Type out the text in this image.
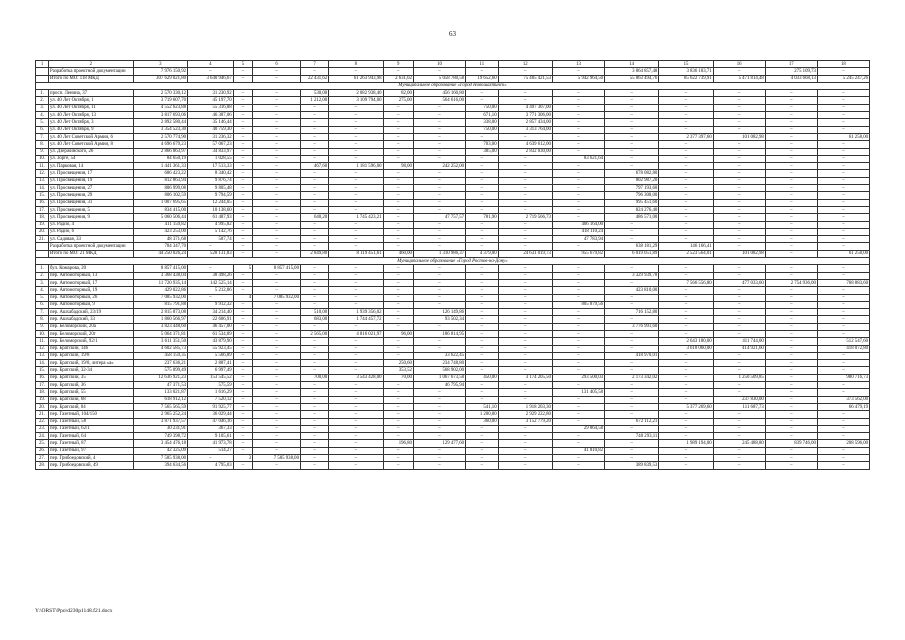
63
1	2	3	4	5	6	7	8	9	10	11	12	13	14	15	16	17	18
	Разработка проектной документации	7 976 150,92	–	–	–	–	–	–	–	–	–	–	3 864 857,48	3 836 183,71	–	275 109,73	–
	Итого по МО: 118 МКД	307 629 021,80	3 640 946,67	–	–	22 431,62	61 263 943,98	2 631,02	5 058 780,58	19 652,60	75 485 421,53	5 942 964,50	55 863 494,76	85 622 739,91	5 471 814,48	4 033 668,13	5 245 247,26
Муниципальное образование «Город Новошахтинск»																	
1.	просп. Ленина, 37	2 570 330,12	31 230,92	–	–	530,00	2 082 938,40	82,00	456 160,80	–	–	–	–	–	–	–	–
2.	ул. 40 Лет Октября, 1	3 719 607,70	45 197,70	–	–	1 212,00	3 109 794,00	275,00	564 616,00	–	–	–	–	–	–	–	–
3.	ул. 40 Лет Октября, 11	4 552 623,88	55 316,88	–	–	–	–	–	–	750,00	4 497 307,00	–	–	–	–	–	–
4.	ул. 40 Лет Октября, 13	3 817 693,06	46 387,06	–	–	–	–	–	–	671,10	3 771 306,00	–	–	–	–	–	–
5.	ул. 40 Лет Октября, 3	2 892 580,44	35 146,44	–	–	–	–	–	–	338,00	2 857 434,00	–	–	–	–	–	–
6.	ул. 40 Лет Октября, 9	3 354 523,30	40 759,30	–	–	–	–	–	–	750,00	3 313 764,00	–	–	–	–	–	–
7.	ул. 40 Лет Советской Армии, 6	2 570 774,90	31 236,32	–	–	–	–	–	–	–	–	–	–	2 377 397,60	101 082,98	–	61 258,00
8.	ул. 40 Лет Советской Армии, 8	4 696 679,23	57 067,23	–	–	–	–	–	–	703,00	4 639 612,00	–	–	–	–	–	–
9.	ул. Дзержинского, 26	2 866 863,97	34 833,97	–	–	–	–	–	–	385,00	2 832 030,00	–	–	–	–	–	–
10.	ул. Зорге, 54	84 650,19	1 028,55	–	–	–	–	–	–	–	–	83 621,64	–	–	–	–	–
11.	ул. Парковая, 14	1 441 361,33	17 513,33	–	–	467,60	1 181 596,00	98,00	242 252,00	–	–	–	–	–	–	–	–
12.	ул. Просвещения, 17	686 423,22	8 340,42	–	–	–	–	–	–	–	–	–	678 082,80	–	–	–	–
13.	ул. Просвещения, 19	812 863,94	9 876,74	–	–	–	–	–	–	–	–	–	802 987,20	–	–	–	–
14.	ул. Просвещения, 27	806 999,08	9 805,48	–	–	–	–	–	–	–	–	–	797 193,60	–	–	–	–
15.	ул. Просвещения, 29	806 102,59	9 794,59	–	–	–	–	–	–	–	–	–	796 308,00	–	–	–	–
16.	ул. Просвещения, 31	1 007 695,65	12 244,05	–	–	–	–	–	–	–	–	–	995 451,60	–	–	–	–
17.	ул. Просвещения, 5	834 415,00	10 138,60	–	–	–	–	–	–	–	–	–	824 276,40	–	–	–	–
18.	ул. Просвещения, 9	5 060 506,44	61 487,93	–	–	640,20	1 745 423,21	–	47 757,57	781,90	2 719 566,73	–	486 571,00	–	–	–	–
19.	ул. Радио, 4	411 159,82	4 995,82	–	–	–	–	–	–	–	–	406 164,00	–	–	–	–	–
20.	ул. Радио, 6	423 253,00	5 142,76	–	–	–	–	–	–	–	–	418 110,24	–	–	–	–	–
21.	ул. Садовая, 33	48 371,68	587,74	–	–	–	–	–	–	–	–	47 783,94	–	–	–	–	–
	Разработка проектной документации	784 347,70	–	–	–	–	–	–	–	–	–	–	638 181,29	146 166,41	–	–	–
	Итого по МО: 21 МКД	44 250 026,24	528 131,83	–	–	2 849,80	8 119 451,61	460,00	1 310 986,37	4 379,00	24 631 019,73	955 679,82	6 019 051,89	2 523 564,01	101 082,98	–	61 258,00
Муниципальное образование «Город Ростов-на-Дону»																	
1.	бул. Комарова, 20	8 857 415,00	–	5	8 857 415,00	–	–	–	–	–	–	–	–	–	–	–	–
2.	пер. Автомоторный, 13	3 368 438,04	38 498,26	–	–	–	–	–	–	–	–	–	3 329 939,78	–	–	–	–
3.	пер. Автомоторный, 17	11 720 935,14	142 525,14	–	–	–	–	–	–	–	–	–	–	7 566 556,80	477 033,60	2 754 936,00	768 883,60
4.	пер. Автомоторный, 19	429 022,86	5 212,86	–	–	–	–	–	–	–	–	–	423 810,00	–	–	–	–
5.	пер. Автомоторный, 26	7 085 932,00	–	4	7 085 932,00	–	–	–	–	–	–	–	–	–	–	–	–
6.	пер. Автомоторный, 9	815 791,88	9 912,32	–	–	–	–	–	–	–	–	805 879,56	–	–	–	–	–
7.	пер. Ашхабадский, 23/19	2 815 873,08	34 214,40	–	–	510,00	1 939 356,02	–	126 149,86	–	–	–	716 152,80	–	–	–	–
8.	пер. Ашхабадский, 33	1 860 566,97	22 606,91	–	–	683,00	1 744 457,72	–	93 502,34	–	–	–	–	–	–	–	–
9.	пер. Беломорский, 20а	3 823 448,60	46 457,00	–	–	–	–	–	–	–	–	–	3 776 991,60	–	–	–	–
10.	пер. Беломорский, 20г	5 064 371,81	61 534,89	–	–	2 565,00	4 816 021,97	96,00	186 814,95	–	–	–	–	–	–	–	–
11.	пер. Беломорский, 92/1	3 611 351,50	43 879,90	–	–	–	–	–	–	–	–	–	–	2 643 180,00	411 744,00	–	512 547,60
12.	пер. Братский, 146	4 602 585,73	55 923,45	–	–	–	–	–	–	–	–	–	–	3 618 060,00	414 921,60	–	418 072,80
13.	пер. Братский, 19/8	458 159,35	5 566,89	–	–	–	–	–	33 622,45	–	–	–	418 970,01	–	–	–	–
14.	пер. Братский, 19/8, литера «а»	237 636,21	2 887,41	–	–	–	–	250,60	234 748,80	–	–	–	–	–	–	–	–
15.	пер. Братский, 32-34	575 899,49	6 997,49	–	–	–	–	353,52	568 902,00	–	–	–	–	–	–	–	–
16.	пер. Братский, 35	12 636 921,23	153 545,52	–	–	700,00	3 543 428,00	70,00	1 067 673,58	450,00	3 174 205,50	293 500,03	2 173 342,02	–	1 250 509,85	–	980 716,73
17.	пер. Братский, 36	47 371,53	575,59	–	–	–	–	–	46 795,94	–	–	–	–	–	–	–	–
18.	пер. Братский, 55	133 021,87	1 616,29	–	–	–	–	–	–	–	–	131 405,58	–	–	–	–	–
19.	пер. Братский, 68	618 912,12	7 520,12	–	–	–	–	–	–	–	–	–	–	–	237 830,00	–	373 562,00
20.	пер. Братский, 84	7 565 565,59	91 925,77	–	–	–	–	–	–	541,10	1 918 203,30	–	–	5 377 269,60	111 687,73	–	66 479,19
21.	пер. Газетный, 104/150	2 965 252,24	36 029,44	–	–	–	–	–	–	1 200,00	2 929 222,80	–	–	–	–	–	–
22.	пер. Газетный, 58	3 871 937,57	47 046,16	–	–	–	–	–	–	360,00	3 152 779,20	–	672 112,21	–	–	–	–
23.	пер. Газетный, 62/1	30 231,91	367,33	–	–	–	–	–	–	–	–	29 864,58	–	–	–	–	–
24.	пер. Газетный, 64	749 398,72	9 105,61	–	–	–	–	–	–	–	–	–	740 293,11	–	–	–	–
25.	пер. Газетный, 87	3 454 476,18	41 973,78	–	–	–	–	196,80	129 477,60	–	–	–	–	1 989 194,00	245 488,80	839 746,00	208 596,00
26.	пер. Газетный, 97	42 325,09	514,27	–	–	–	–	–	–	–	–	41 810,82	–	–	–	–	–
27.	пер. Грибоедовский, 4	7 585 938,00	–	3	7 585 938,00	–	–	–	–	–	–	–	–	–	–	–	–
28.	пер. Грибоедовский, 49	394 634,56	4 795,03	–	–	–	–	–	–	–	–	–	389 839,53	–	–	–	–
Y:\ORST\Ppo\d230p1148.f21.docx
